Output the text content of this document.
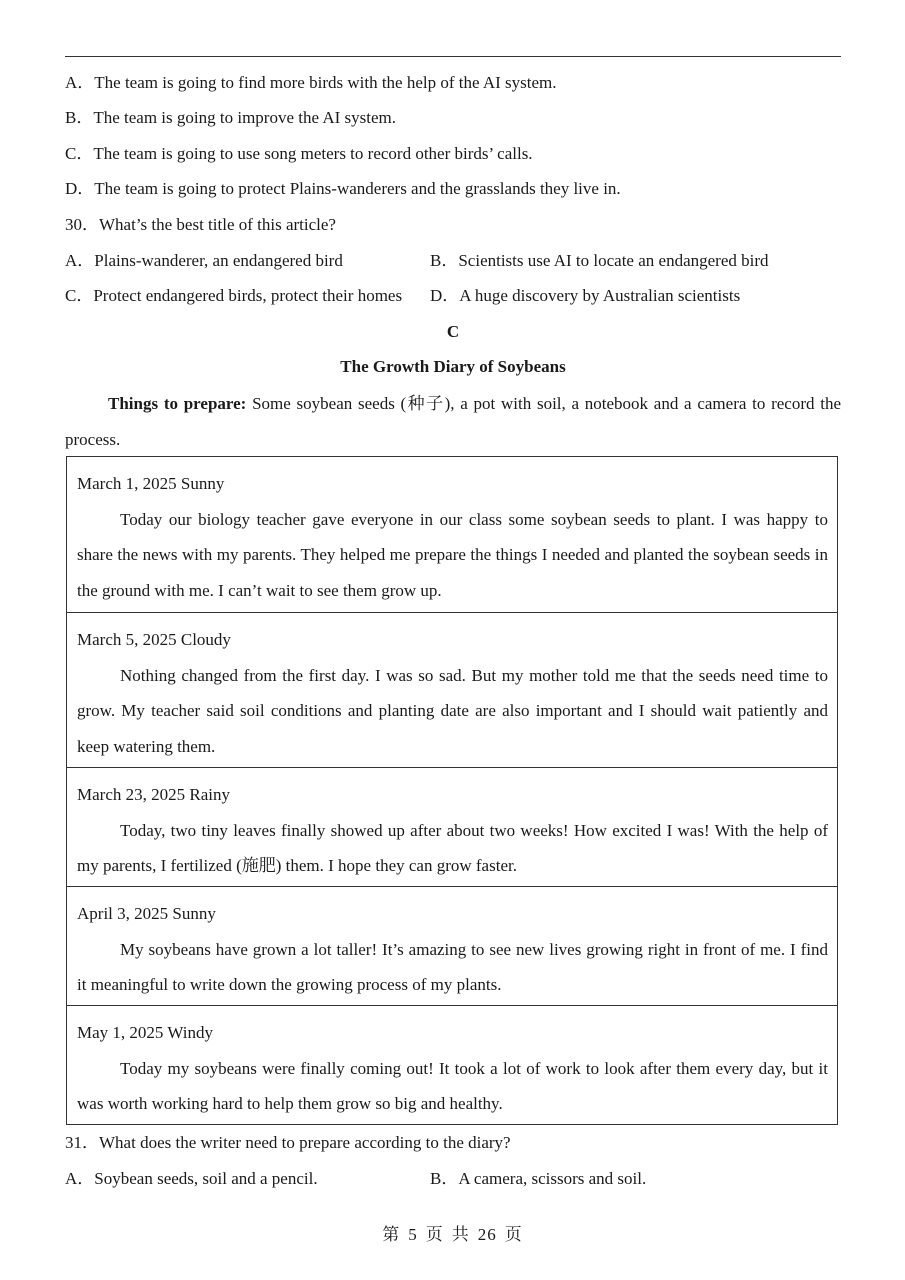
A．The team is going to find more birds with the help of the AI system.
B．The team is going to improve the AI system.
C．The team is going to use song meters to record other birds’ calls.
D．The team is going to protect Plains-wanderers and the grasslands they live in.
30．What’s the best title of this article?
A．Plains-wanderer, an endangered bird	B．Scientists use AI to locate an endangered bird
C．Protect endangered birds, protect their homes D．A huge discovery by Australian scientists
C
The Growth Diary of Soybeans
Things to prepare: Some soybean seeds (种子), a pot with soil, a notebook and a camera to record the process.
March 1, 2025 Sunny
Today our biology teacher gave everyone in our class some soybean seeds to plant. I was happy to share the news with my parents. They helped me prepare the things I needed and planted the soybean seeds in the ground with me. I can’t wait to see them grow up.
March 5, 2025 Cloudy
Nothing changed from the first day. I was so sad. But my mother told me that the seeds need time to grow. My teacher said soil conditions and planting date are also important and I should wait patiently and keep watering them.
March 23, 2025 Rainy
Today, two tiny leaves finally showed up after about two weeks! How excited I was! With the help of my parents, I fertilized (施肥) them. I hope they can grow faster.
April 3, 2025 Sunny
My soybeans have grown a lot taller! It’s amazing to see new lives growing right in front of me. I find it meaningful to write down the growing process of my plants.
May 1, 2025 Windy
Today my soybeans were finally coming out! It took a lot of work to look after them every day, but it was worth working hard to help them grow so big and healthy.
31．What does the writer need to prepare according to the diary?
A．Soybean seeds, soil and a pencil.	B．A camera, scissors and soil.
第 5 页 共 26 页
